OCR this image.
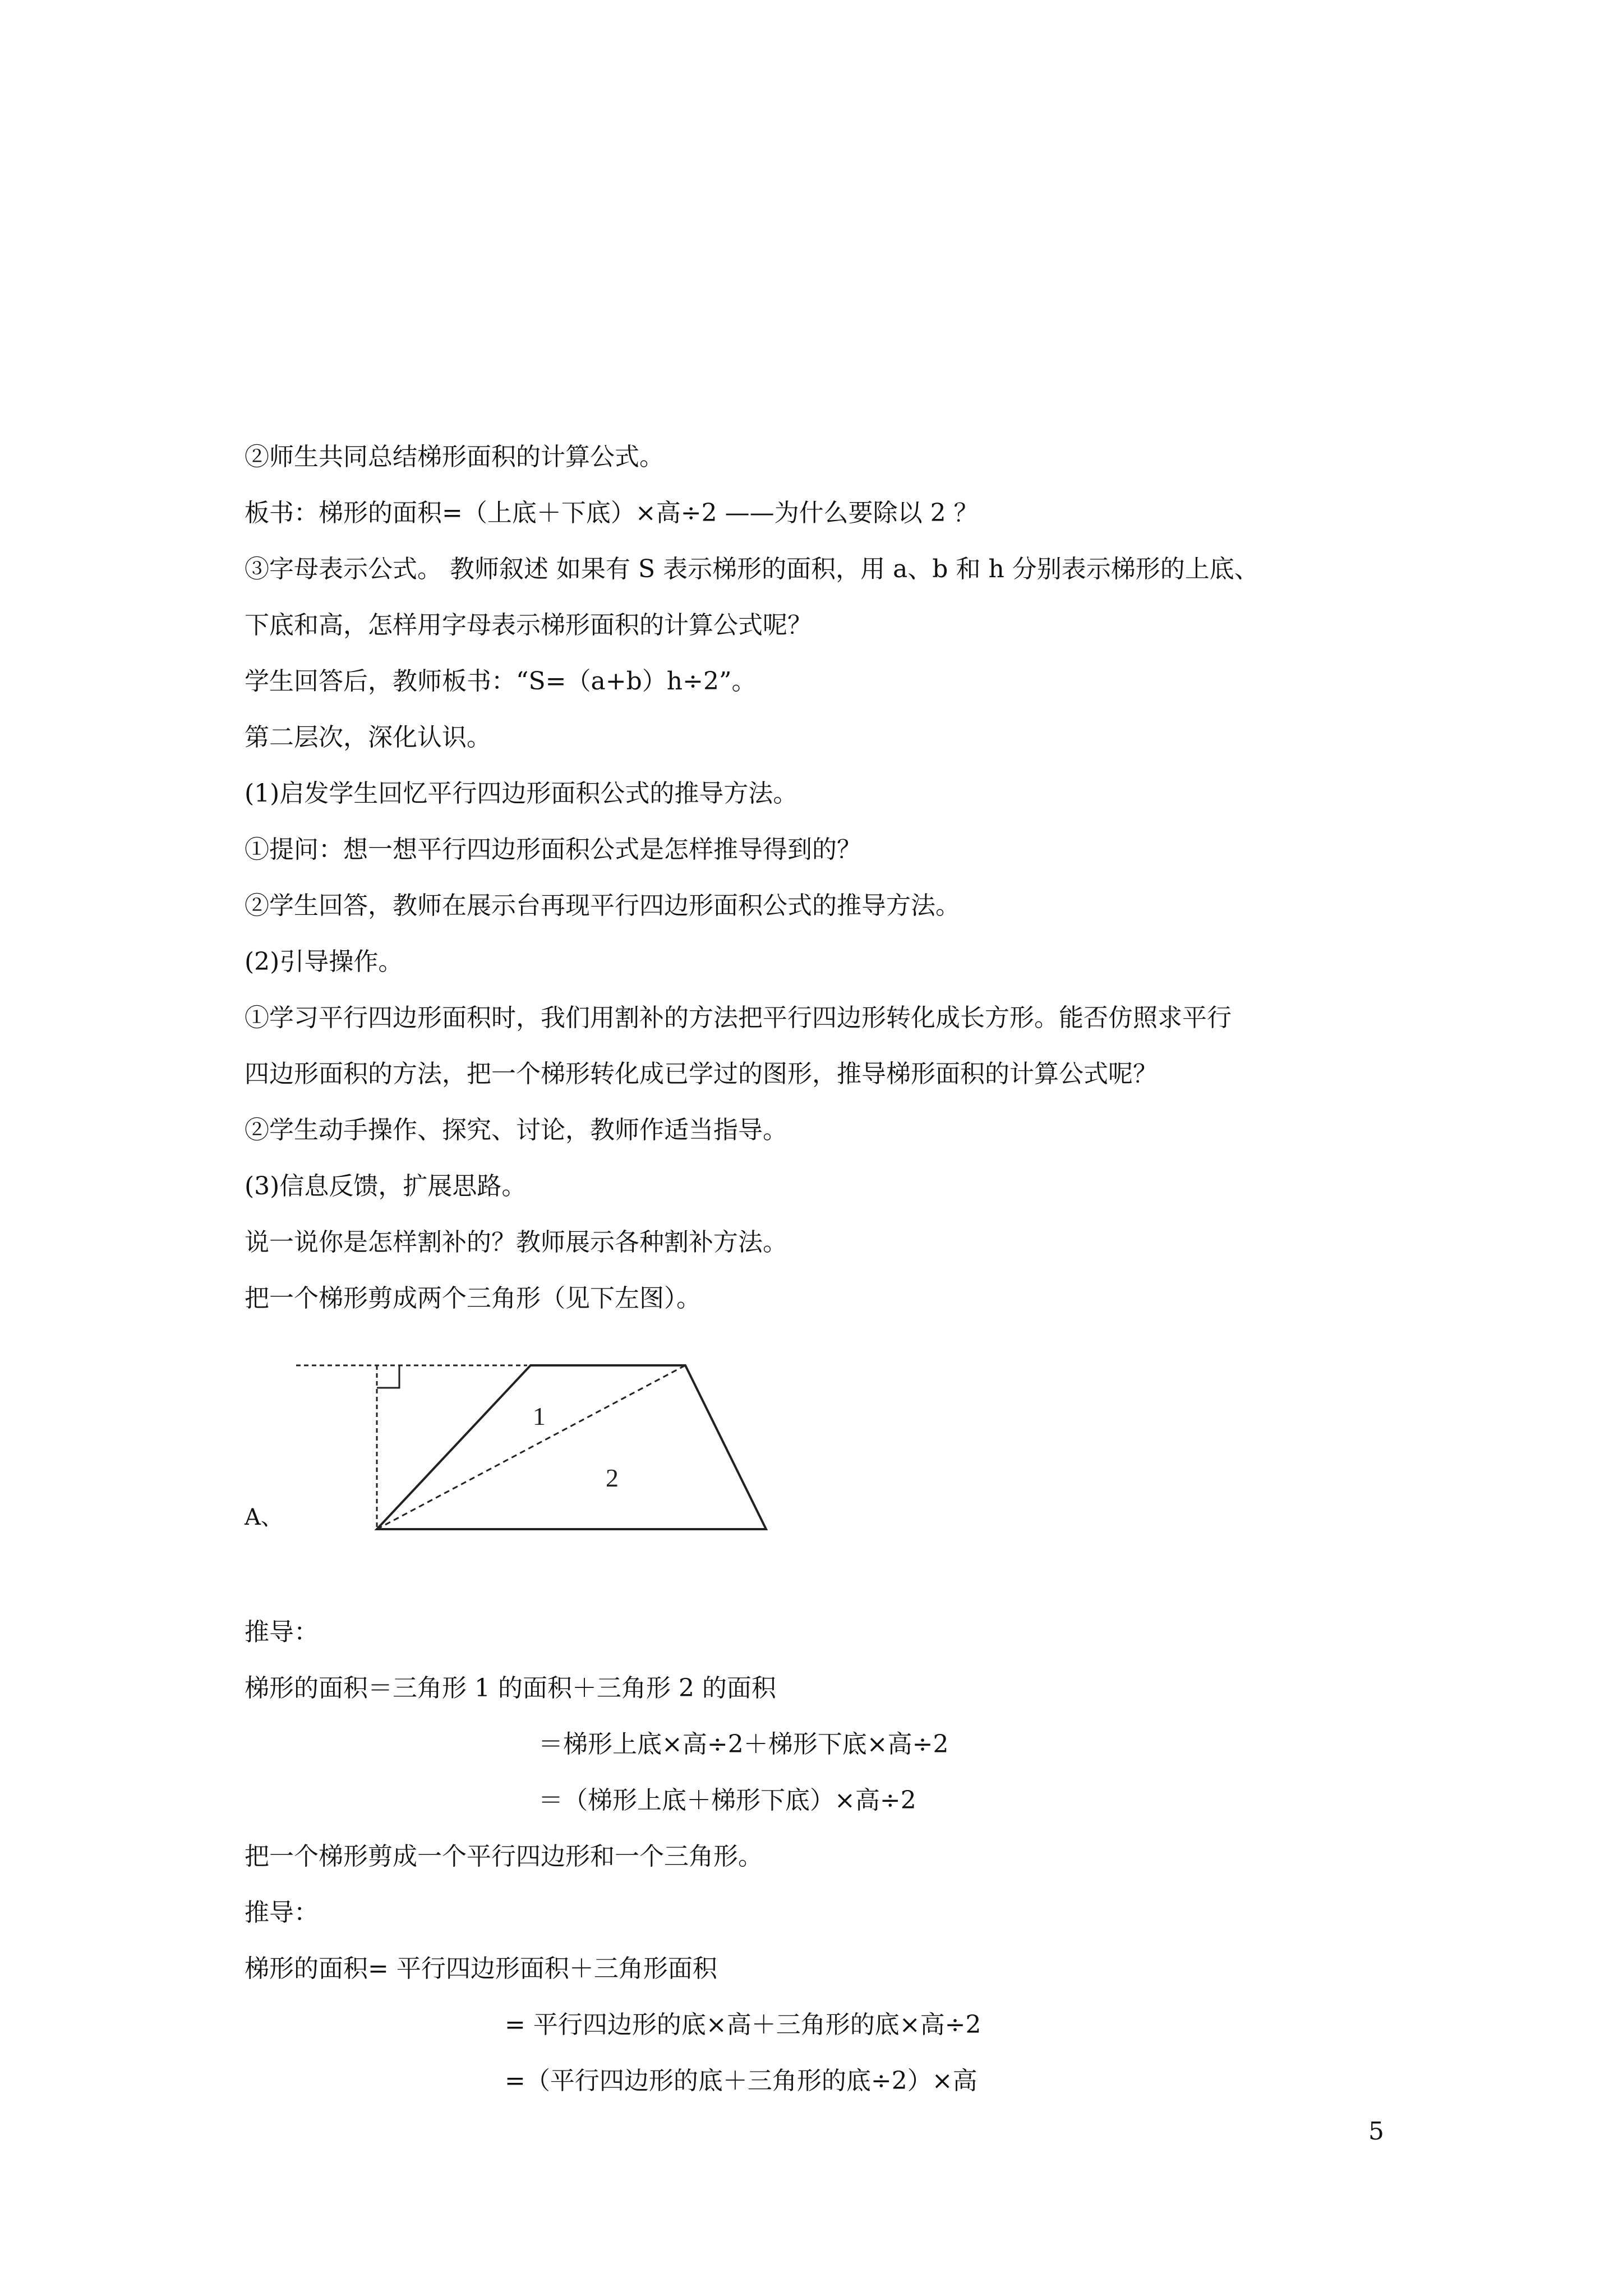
②师生共同总结梯形面积的计算公式。
板书：梯形的面积=（上底＋下底）×高÷2 ——为什么要除以 2 ？
③字母表示公式。 教师叙述 如果有 S 表示梯形的面积，用 a、b 和 h 分别表示梯形的上底、
下底和高，怎样用字母表示梯形面积的计算公式呢？
学生回答后，教师板书：“S=（a+b）h÷2”。
第二层次，深化认识。
(1)启发学生回忆平行四边形面积公式的推导方法。
①提问：想一想平行四边形面积公式是怎样推导得到的？
②学生回答，教师在展示台再现平行四边形面积公式的推导方法。
(2)引导操作。
①学习平行四边形面积时，我们用割补的方法把平行四边形转化成长方形。能否仿照求平行
四边形面积的方法，把一个梯形转化成已学过的图形，推导梯形面积的计算公式呢？
②学生动手操作、探究、讨论，教师作适当指导。
(3)信息反馈，扩展思路。
说一说你是怎样割补的？教师展示各种割补方法。
把一个梯形剪成两个三角形（见下左图）。
A、
1
2
推导：
梯形的面积＝三角形 1 的面积＋三角形 2 的面积
＝梯形上底×高÷2＋梯形下底×高÷2
＝（梯形上底＋梯形下底）×高÷2
把一个梯形剪成一个平行四边形和一个三角形。
推导：
梯形的面积= 平行四边形面积＋三角形面积
= 平行四边形的底×高＋三角形的底×高÷2
=（平行四边形的底＋三角形的底÷2）×高
5
